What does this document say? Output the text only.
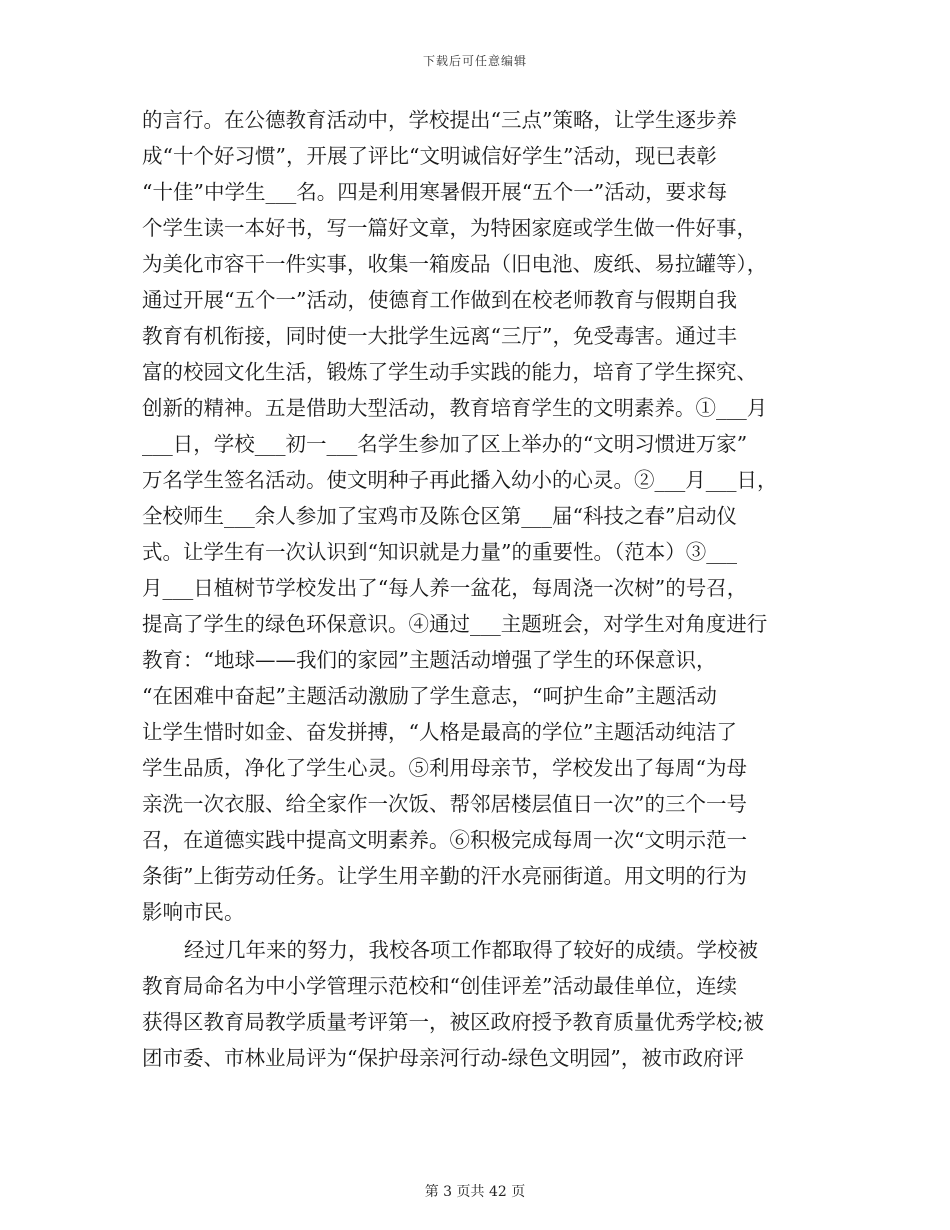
下载后可任意编辑
的言行。在公德教育活动中，学校提出“三点”策略，让学生逐步养
成“十个好习惯”，开展了评比“文明诚信好学生”活动，现已表彰
“十佳”中学生___名。四是利用寒暑假开展“五个一”活动，要求每
个学生读一本好书，写一篇好文章，为特困家庭或学生做一件好事，
为美化市容干一件实事，收集一箱废品（旧电池、废纸、易拉罐等），
通过开展“五个一”活动，使德育工作做到在校老师教育与假期自我
教育有机衔接，同时使一大批学生远离“三厅”，免受毒害。通过丰
富的校园文化生活，锻炼了学生动手实践的能力，培育了学生探究、
创新的精神。五是借助大型活动，教育培育学生的文明素养。①___月
___日，学校___初一___名学生参加了区上举办的“文明习惯进万家”
万名学生签名活动。使文明种子再此播入幼小的心灵。②___月___日，
全校师生___余人参加了宝鸡市及陈仓区第___届“科技之春”启动仪
式。让学生有一次认识到“知识就是力量”的重要性。（范本）③___
月___日植树节学校发出了“每人养一盆花，每周浇一次树”的号召，
提高了学生的绿色环保意识。④通过___主题班会，对学生对角度进行
教育：“地球——我们的家园”主题活动增强了学生的环保意识，
“在困难中奋起”主题活动激励了学生意志，“呵护生命”主题活动
让学生惜时如金、奋发拼搏，“人格是最高的学位”主题活动纯洁了
学生品质，净化了学生心灵。⑤利用母亲节，学校发出了每周“为母
亲洗一次衣服、给全家作一次饭、帮邻居楼层值日一次”的三个一号
召，在道德实践中提高文明素养。⑥积极完成每周一次“文明示范一
条街”上街劳动任务。让学生用辛勤的汗水亮丽街道。用文明的行为
影响市民。
经过几年来的努力，我校各项工作都取得了较好的成绩。学校被
教育局命名为中小学管理示范校和“创佳评差”活动最佳单位，连续
获得区教育局教学质量考评第一，被区政府授予教育质量优秀学校;被
团市委、市林业局评为“保护母亲河行动-绿色文明园”，被市政府评
第 3 页共 42 页
